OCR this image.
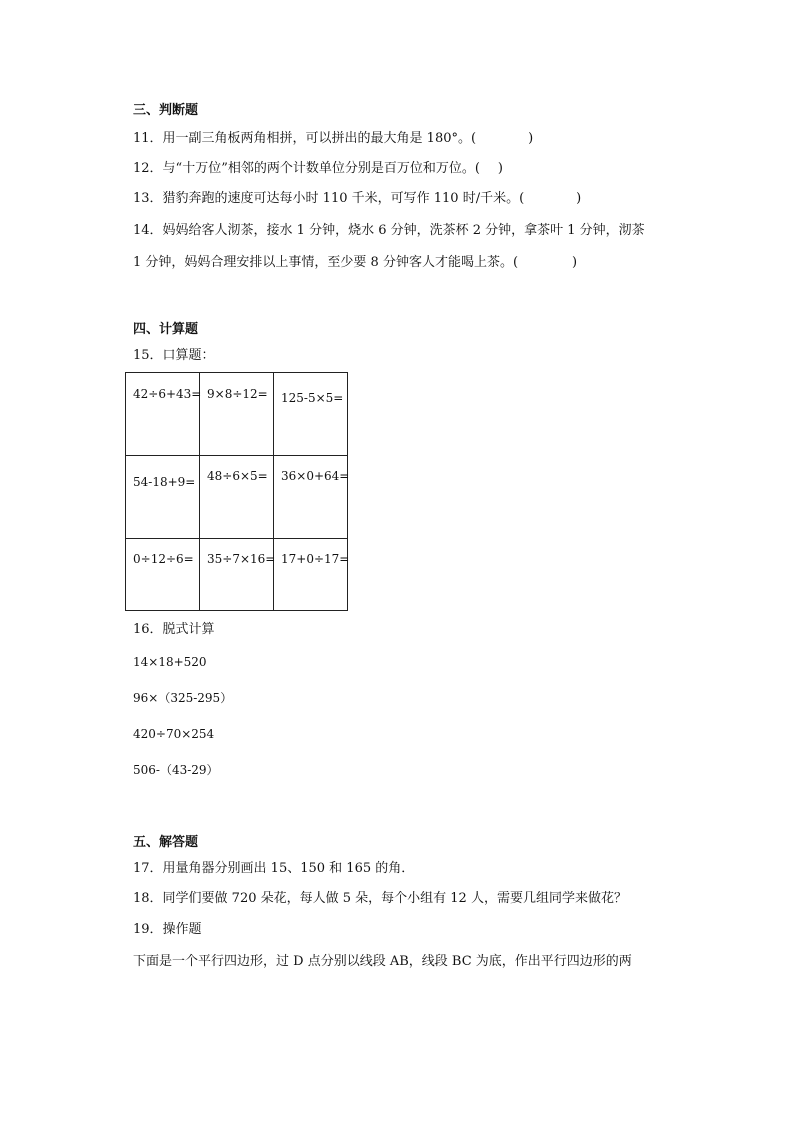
三、判断题
11．用一副三角板两角相拼，可以拼出的最大角是 180°。(	)
12．与“十万位”相邻的两个计数单位分别是百万位和万位。( )
13．猎豹奔跑的速度可达每小时 110 千米，可写作 110 时/千米。(	)
14．妈妈给客人沏茶，接水 1 分钟，烧水 6 分钟，洗茶杯 2 分钟，拿茶叶 1 分钟，沏茶
1 分钟，妈妈合理安排以上事情，至少要 8 分钟客人才能喝上茶。(	)
四、计算题
15．口算题：
42÷6+43=	9×8÷12=	125-5×5=

54-18+9=	48÷6×5=	36×0+64=

0÷12÷6=	35÷7×16=	17+0÷17=
16．脱式计算
14×18+520
96×（325-295）
420÷70×254
506-（43-29）
五、解答题
17．用量角器分别画出 15、150 和 165 的角．
18．同学们要做 720 朵花，每人做 5 朵，每个小组有 12 人，需要几组同学来做花？
19．操作题
下面是一个平行四边形，过 D 点分别以线段 AB，线段 BC 为底，作出平行四边形的两
